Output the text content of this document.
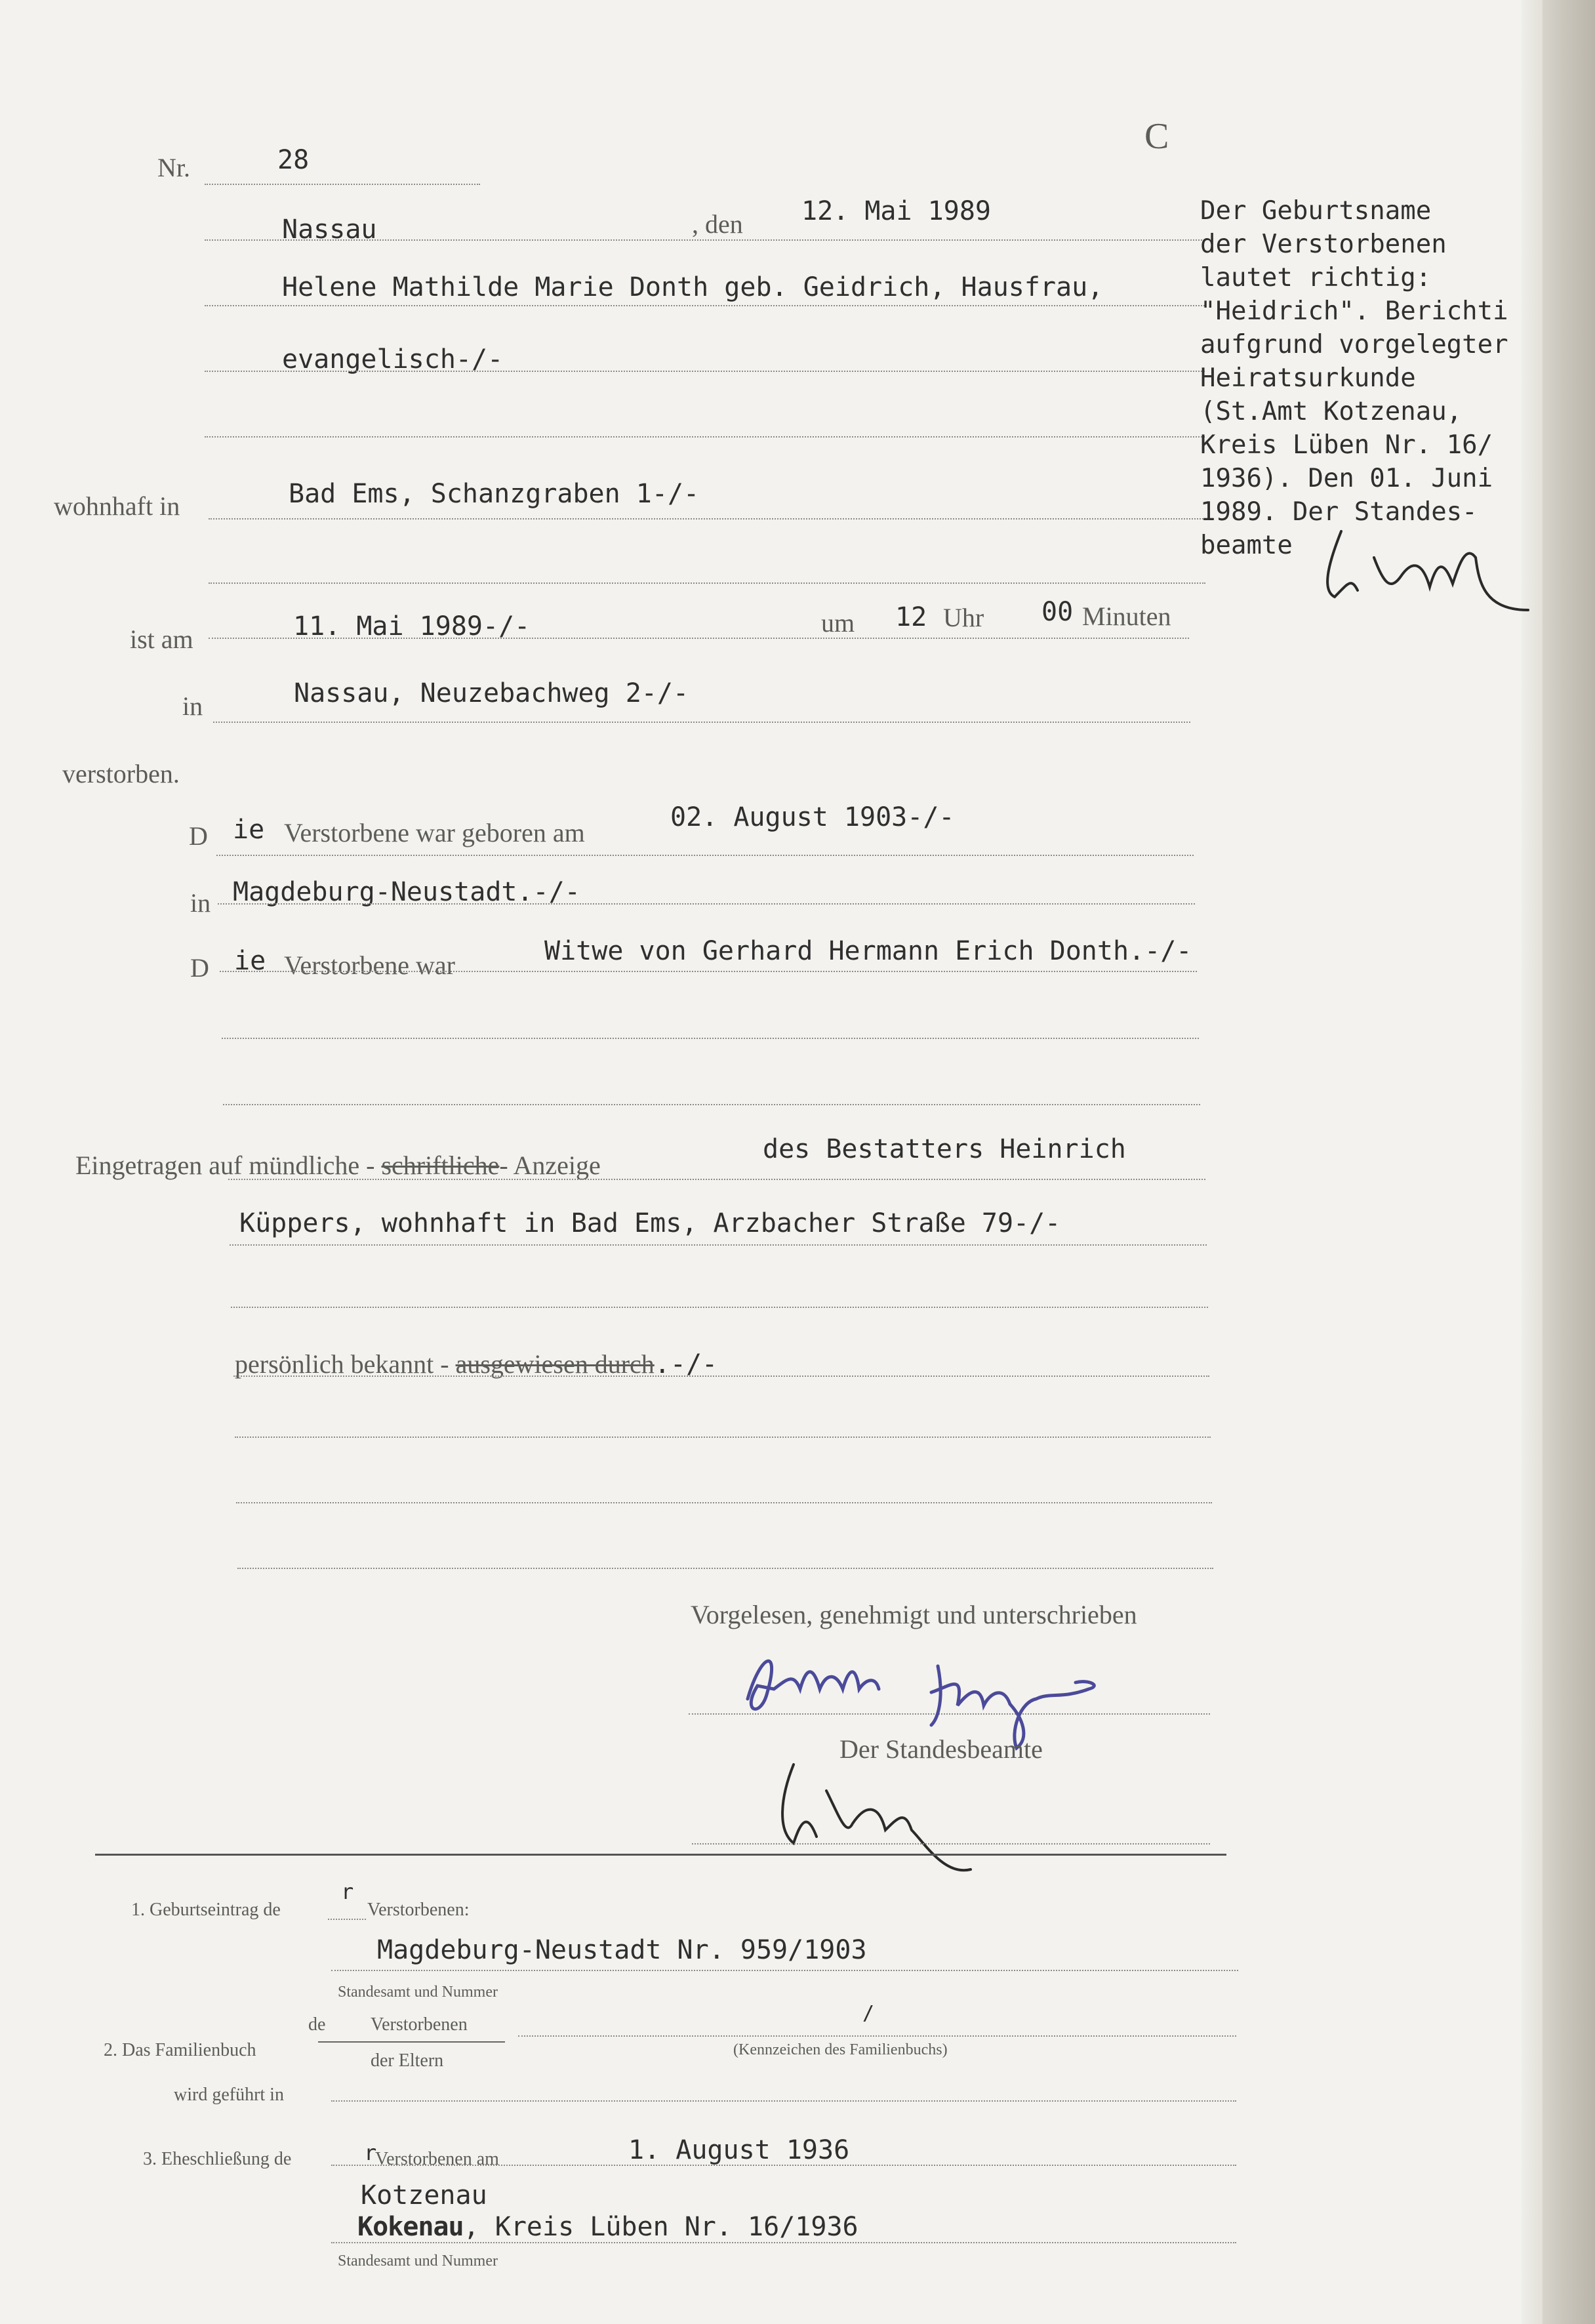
Nr.	28
C
Nassau	, den 12. Mai 1989
Helene Mathilde Marie Donth geb. Geidrich, Hausfrau,
evangelisch-/-
wohnhaft in	Bad Ems, Schanzgraben 1-/-
ist am	11. Mai 1989-/-	um 12 Uhr 00 Minuten
in	Nassau, Neuzebachweg 2-/-
verstorben.
D ie Verstorbene war geboren am
02. August 1903-/-
in Magdeburg-Neustadt.-/-
D ie Verstorbene war	Witwe von Gerhard Hermann Erich Donth.-/-
Eingetragen auf mündliche - schriftliche- Anzeige
des Bestatters Heinrich
Küppers, wohnhaft in Bad Ems, Arzbacher Straße 79-/-
persönlich bekannt - ausgewiesen durch.-/-
Vorgelesen, genehmigt und unterschrieben
Der Standesbeamte
Der Geburtsname
der Verstorbenen
lautet richtig:
"Heidrich". Berichti
aufgrund vorgelegter
Heiratsurkunde
(St.Amt Kotzenau,
Kreis Lüben Nr. 16/
1936). Den 01. Juni
1989. Der Standes-
beamte
1. Geburtseintrag de
r
Verstorbenen:
Magdeburg-Neustadt Nr. 959/1903
Standesamt und Nummer
2. Das Familienbuch
de Verstorbenen
der Eltern
/
(Kennzeichen des Familienbuchs)
wird geführt in
3. Eheschließung de	r
Verstorbenen am	1. August 1936
Kotzenau
Kokenau, Kreis Lüben Nr. 16/1936
Standesamt und Nummer
